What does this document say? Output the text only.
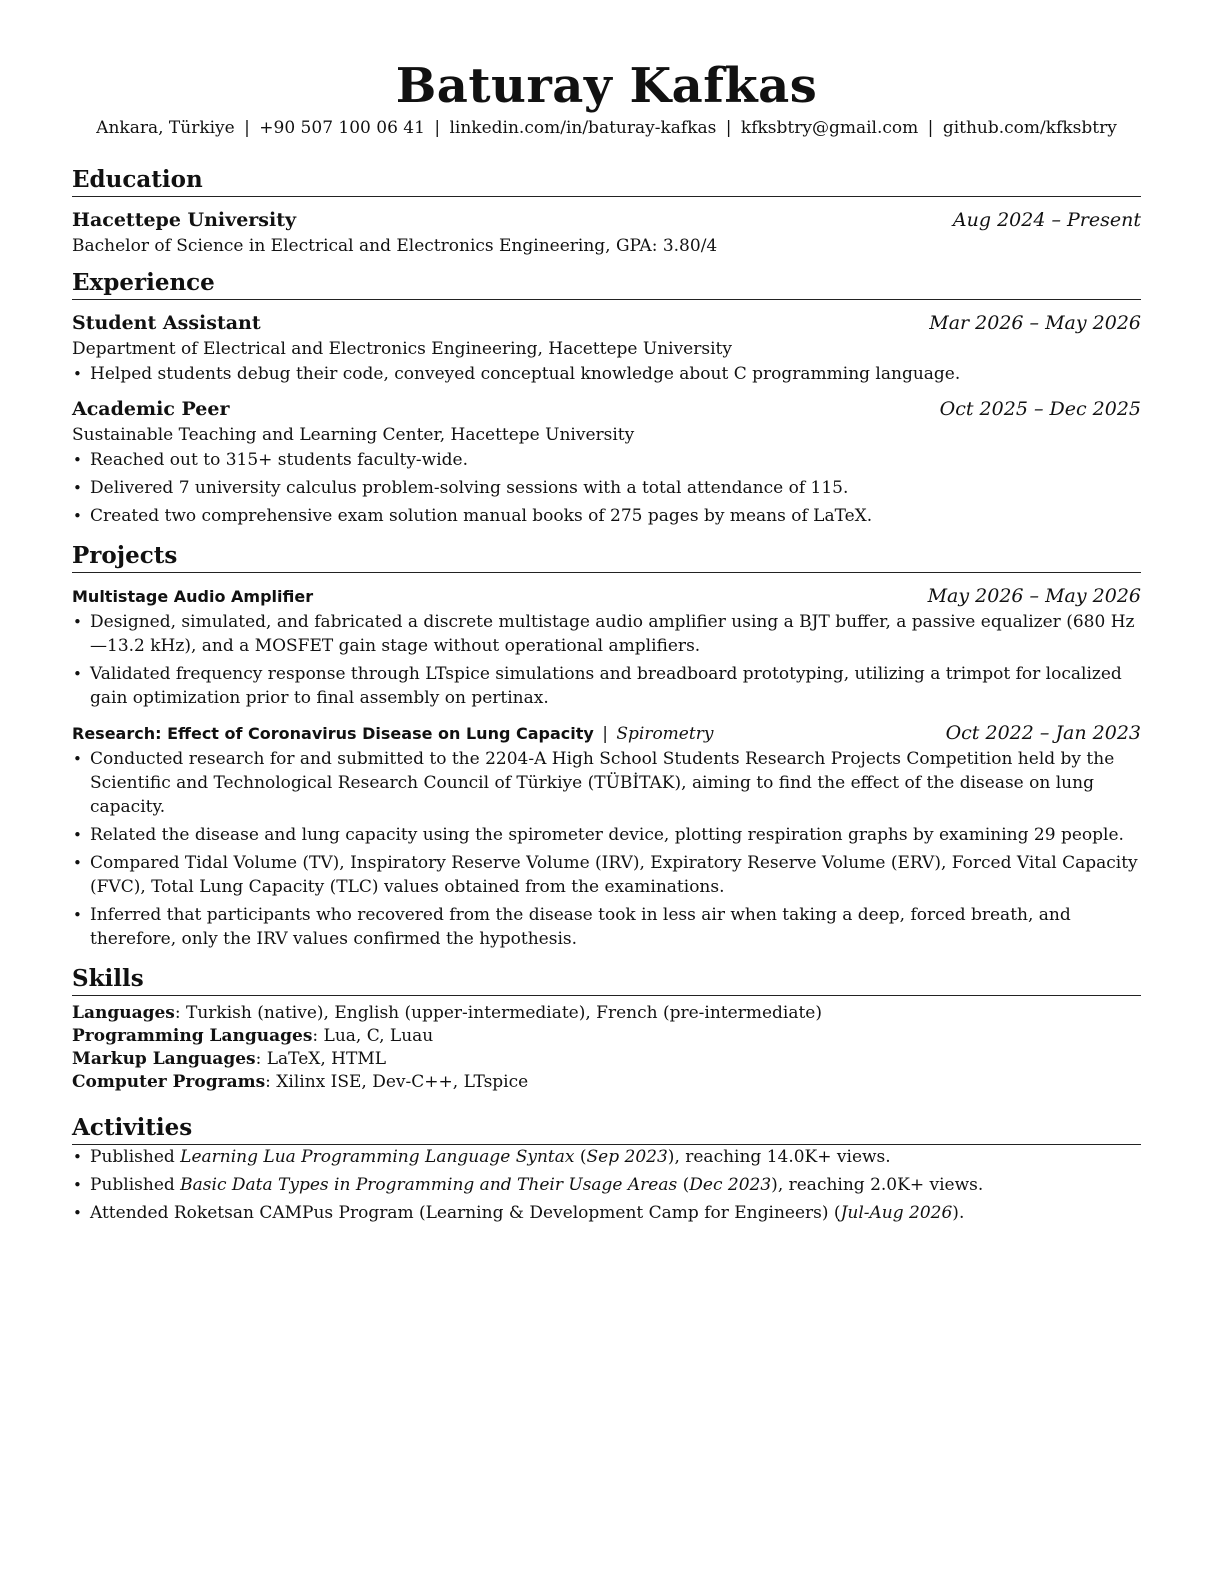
Baturay Kafkas
Ankara, Türkiye | +90 507 100 06 41 | linkedin.com/in/baturay-kafkas | kfksbtry@gmail.com | github.com/kfksbtry
Education
Hacettepe University	Aug 2024 – Present
Bachelor of Science in Electrical and Electronics Engineering, GPA: 3.80/4
Experience
Student Assistant	Mar 2026 – May 2026
Department of Electrical and Electronics Engineering, Hacettepe University
• Helped students debug their code, conveyed conceptual knowledge about C programming language.
Academic Peer	Oct 2025 – Dec 2025
Sustainable Teaching and Learning Center, Hacettepe University
• Reached out to 315+ students faculty-wide.
• Delivered 7 university calculus problem-solving sessions with a total attendance of 115.
• Created two comprehensive exam solution manual books of 275 pages by means of LaTeX.
Projects
Multistage Audio Amplifier	May 2026 – May 2026
• Designed, simulated, and fabricated a discrete multistage audio amplifier using a BJT buffer, a passive equalizer (680 Hz —13.2 kHz), and a MOSFET gain stage without operational amplifiers.
• Validated frequency response through LTspice simulations and breadboard prototyping, utilizing a trimpot for localized gain optimization prior to final assembly on pertinax.
Research: Effect of Coronavirus Disease on Lung Capacity | Spirometry	Oct 2022 – Jan 2023
• Conducted research for and submitted to the 2204-A High School Students Research Projects Competition held by the Scientific and Technological Research Council of Türkiye (TÜBİTAK), aiming to find the effect of the disease on lung capacity.
• Related the disease and lung capacity using the spirometer device, plotting respiration graphs by examining 29 people.
• Compared Tidal Volume (TV), Inspiratory Reserve Volume (IRV), Expiratory Reserve Volume (ERV), Forced Vital Capacity (FVC), Total Lung Capacity (TLC) values obtained from the examinations.
• Inferred that participants who recovered from the disease took in less air when taking a deep, forced breath, and therefore, only the IRV values confirmed the hypothesis.
Skills
Languages: Turkish (native), English (upper-intermediate), French (pre-intermediate)
Programming Languages: Lua, C, Luau
Markup Languages: LaTeX, HTML
Computer Programs: Xilinx ISE, Dev-C++, LTspice
Activities
• Published Learning Lua Programming Language Syntax (Sep 2023), reaching 14.0K+ views.
• Published Basic Data Types in Programming and Their Usage Areas (Dec 2023), reaching 2.0K+ views.
• Attended Roketsan CAMPus Program (Learning & Development Camp for Engineers) (Jul-Aug 2026).
